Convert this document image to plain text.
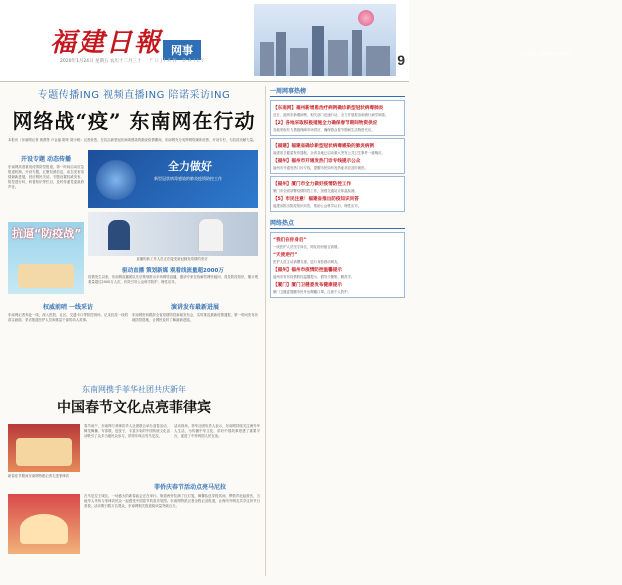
福建日報 网事
2020年1月24日 星期五 农历十二月三十 FUJIAN DAILY
福州宾馆，迎接新年的热闹景象
9
专题传播ING 视频直播ING 陪诺采访ING
网络战“疫” 东南网在行动
本报讯（东南网记者 黄燕等 卢金福 陈荣 胡小明）记者获悉，在抗击新型冠状病毒感染的肺炎疫情期间，东南网充分发挥网络媒体优势，开设专栏，为抗疫贡献力量。
开设专题 动态传播
东南网高度重视疫情防控报道，第一时间启动应急报道机制，开设专题，汇聚权威信息，动态发布疫情最新进展，回应网民关切。专题设置权威发布、防控进行时、科普知识等栏目，及时传递党委政府声音。
抗逼“防疫战”
全力做好
新型冠状病毒感染的肺炎疫情防控工作
直播的新工作人员正在接受新冠肺炎疫情的采访
驱动直播 策划新媒 观看线流量超2000万
疫情发生以来，东南网直播团队先后策划推出多场网络直播，邀请专家在线解答网民疑问，普及防疫知识，累计观看量超过2000万人次，有效引导公众科学防护、理性应对。
权威前哨 一线采访
东南网记者奔赴一线，深入医院、社区、交通卡口等防控现场，记录抗疫一线的真实画面，采访报道医护人员和基层干部的动人故事。
演讲发布最新进展
东南网密切跟踪全省疫情防控新闻发布会，实时推送最新疫情通报，第一时间发布各地防控措施，让网民及时了解最新进展。
东南网携手菲华社团共庆新年
中国春节文化点亮菲律宾
新春佳节期间东南网特派记者走进菲律宾
春节前夕，东南网与菲律宾华人社团联合举办迎春活动，舞龙舞狮、写春联、包饺子，丰富多彩的中国传统文化活动吸引了众多当地民众参与，浓浓年味点亮马尼拉。
活动现场，菲华社团负责人表示，东南网持续关注海外华人生活，为传播中华文化、讲好中国故事搭建了重要平台，促进了中菲两国人民友谊。
菲侨庆春节活动点亮马尼拉
在马尼拉王城区，一场盛大的新春庙会正在举行。街道两旁挂满了红灯笼，舞狮队伍穿梭其间，锣鼓声此起彼伏，当地华人华侨与菲律宾民众一起感受中国春节的喜庆氛围。东南网特派记者全程记录报道，让海内外网友共享这份节日喜悦。活动吸引数万名观众，东南网相关报道阅读量突破百万。
一周网事热榜
【东南网】福州新增患治疗病例确诊新型冠状病毒肺炎
近日，福州市新增病例，相关部门迅速行动，全力开展救治和流行病学调查。
【2】各地采取积极措施全力确保春节期间物资供应
各地采取有力措施保障市场供应，确保群众春节期间生活物资充足。
【福建】福建省确诊新型冠状病毒感染的肺炎病例
福建省卫健委发布通报，全省各地已启动重大突发公共卫生事件一级响应。
【福州】福州市开通发热门诊专线提示公众
福州市开通发热门诊专线，提醒市民如有发热症状应及时就医。
【福州】厦门市全力做好疫情防控工作
厦门市全面部署疫情防控工作，加强交通站点体温检测。
【5】市民注意！福建省推出防疫知识问答
福建省推出防疫知识问答，帮助公众科学认识、理性应对。
网络热点
“我们在你身后”
一线医护人员坚守岗位，网友纷纷留言致敬。
“天使逆行”
医护人员主动请缨支援，逆行身影感动网友。
【福州】福州市疫情防控温馨提示
福州市发布疫情防控温馨提示，倡导少聚集、勤洗手。
【厦门】厦门卫健委发布健康提示
厦门卫健委提醒市民外出佩戴口罩，注意个人防护。
